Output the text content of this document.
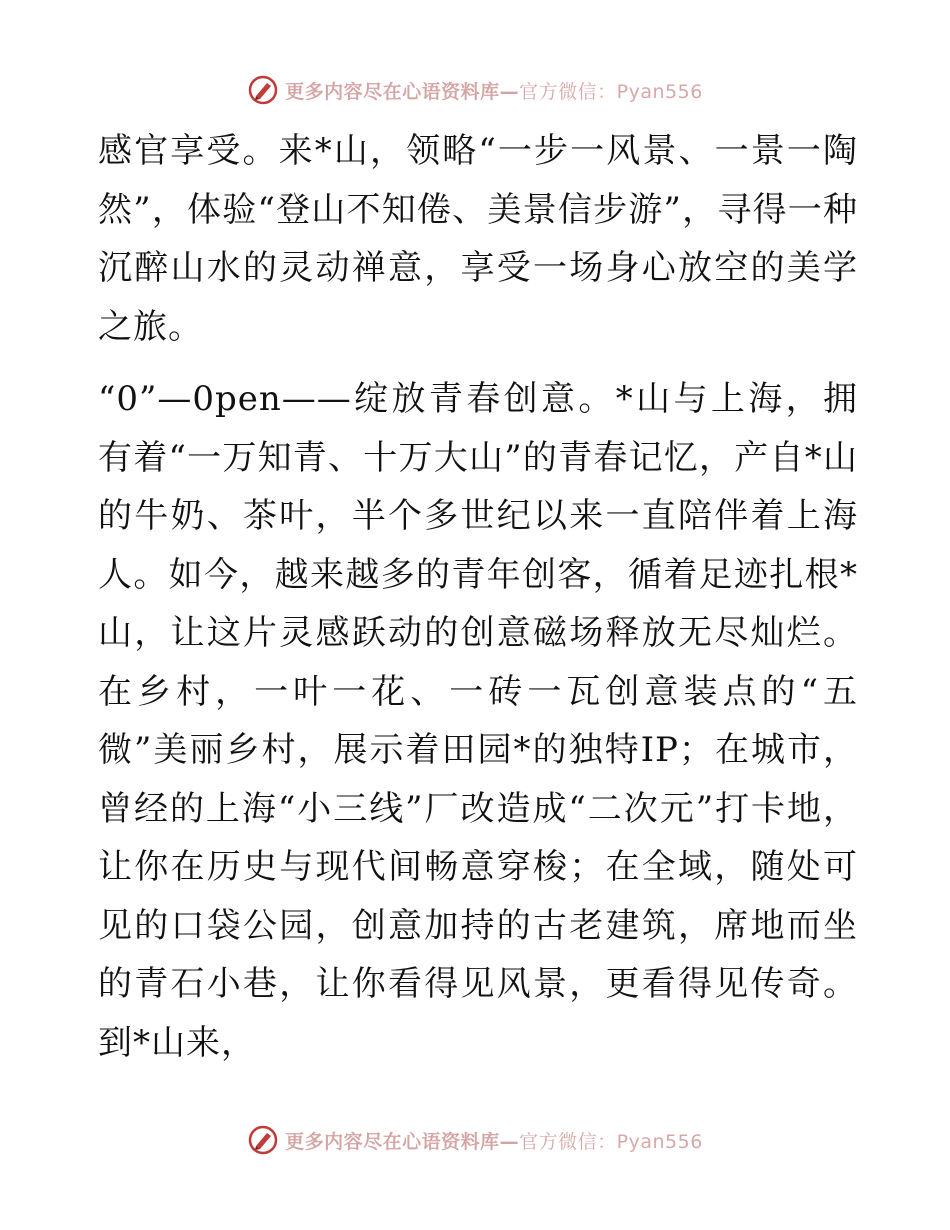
更多内容尽在心语资料库—官方微信：Pyan556

感官享受。来*山，领略“一步一风景、一景一陶然”，体验“登山不知倦、美景信步游”，寻得一种沉醉山水的灵动禅意，享受一场身心放空的美学之旅。

“0”—0pen——绽放青春创意。*山与上海，拥有着“一万知青、十万大山”的青春记忆，产自*山的牛奶、茶叶，半个多世纪以来一直陪伴着上海人。如今，越来越多的青年创客，循着足迹扎根*山，让这片灵感跃动的创意磁场释放无尽灿烂。在乡村，一叶一花、一砖一瓦创意装点的“五微”美丽乡村，展示着田园*的独特IP；在城市，曾经的上海“小三线”厂改造成“二次元”打卡地，让你在历史与现代间畅意穿梭；在全域，随处可见的口袋公园，创意加持的古老建筑，席地而坐的青石小巷，让你看得见风景，更看得见传奇。到*山来，

更多内容尽在心语资料库—官方微信：Pyan556
